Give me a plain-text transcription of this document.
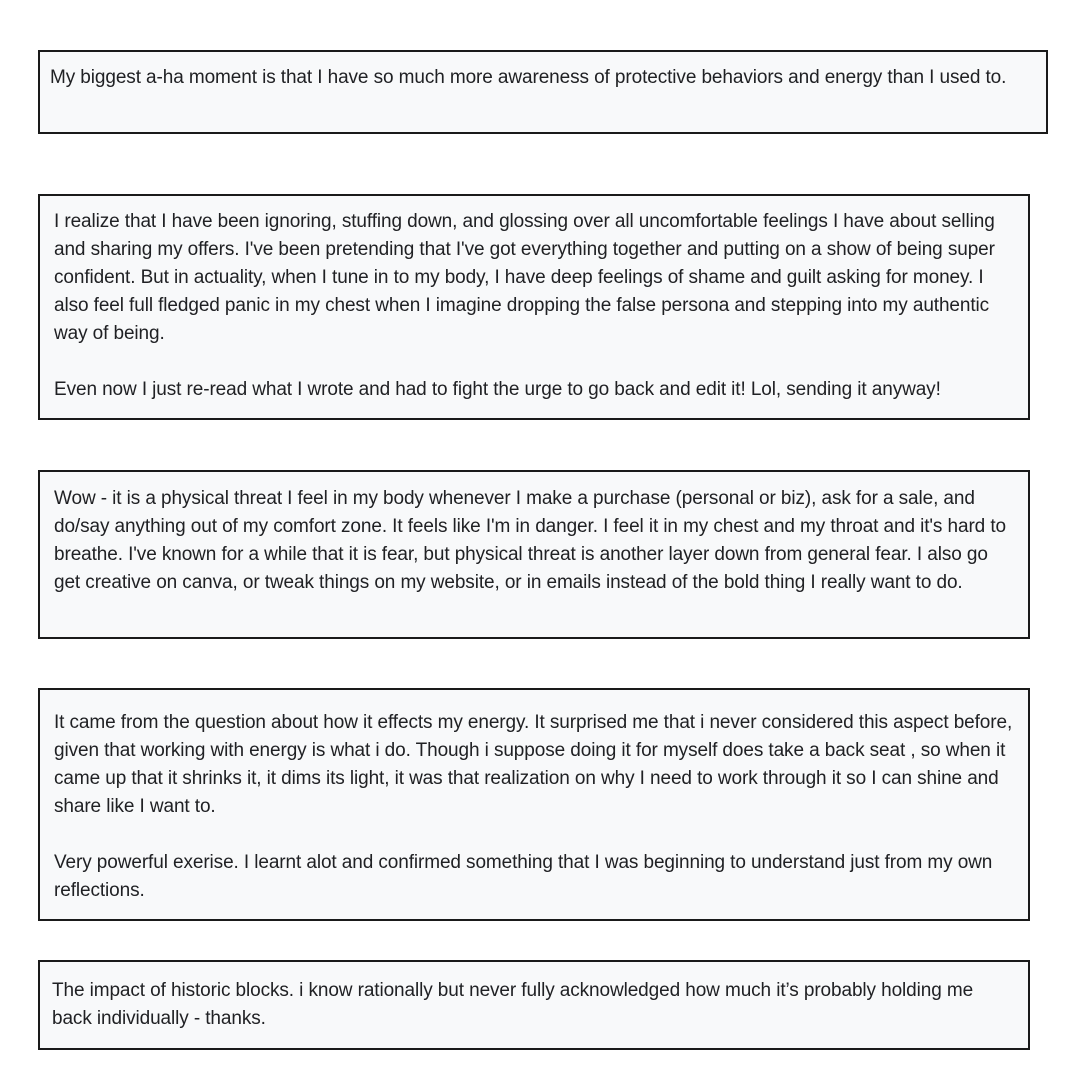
My biggest a-ha moment is that I have so much more awareness of protective behaviors and energy than I used to.

I realize that I have been ignoring, stuffing down, and glossing over all uncomfortable feelings I have about selling and sharing my offers. I've been pretending that I've got everything together and putting on a show of being super confident. But in actuality, when I tune in to my body, I have deep feelings of shame and guilt asking for money. I also feel full fledged panic in my chest when I imagine dropping the false persona and stepping into my authentic way of being.

Even now I just re-read what I wrote and had to fight the urge to go back and edit it! Lol, sending it anyway!

Wow - it is a physical threat I feel in my body whenever I make a purchase (personal or biz), ask for a sale, and do/say anything out of my comfort zone. It feels like I'm in danger. I feel it in my chest and my throat and it's hard to breathe. I've known for a while that it is fear, but physical threat is another layer down from general fear. I also go get creative on canva, or tweak things on my website, or in emails instead of the bold thing I really want to do.

It came from the question about how it effects my energy. It surprised me that i never considered this aspect before, given that working with energy is what i do. Though i suppose doing it for myself does take a back seat , so when it came up that it shrinks it, it dims its light, it was that realization on why I need to work through it so I can shine and share like I want to.

Very powerful exerise. I learnt alot and confirmed something that I was beginning to understand just from my own reflections.

The impact of historic blocks. i know rationally but never fully acknowledged how much it’s probably holding me back individually - thanks.
